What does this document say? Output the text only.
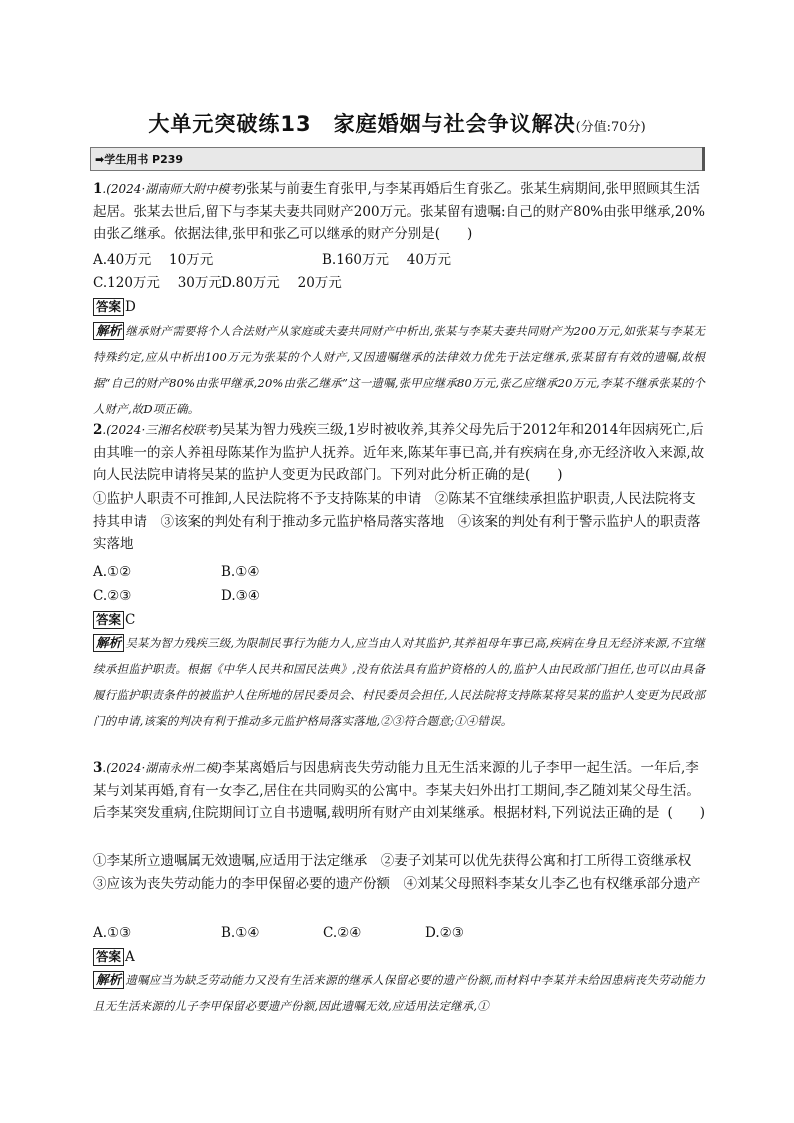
大单元突破练13　家庭婚姻与社会争议解决(分值:70分)
➡学生用书 P239
1.(2024·湖南师大附中模考)张某与前妻生育张甲,与李某再婚后生育张乙。张某生病期间,张甲照顾其生活起居。张某去世后,留下与李某夫妻共同财产200万元。张某留有遗嘱:自己的财产80%由张甲继承,20%由张乙继承。依据法律,张甲和张乙可以继承的财产分别是(　　)
A.40万元　 10万元	B.160万元　 40万元
C.120万元　 30万元 D.80万元　 20万元
答案 D
解析 继承财产需要将个人合法财产从家庭或夫妻共同财产中析出,张某与李某夫妻共同财产为200万元,如张某与李某无特殊约定,应从中析出100万元为张某的个人财产,又因遗嘱继承的法律效力优先于法定继承,张某留有有效的遗嘱,故根据“自己的财产80%由张甲继承,20%由张乙继承”这一遗嘱,张甲应继承80万元,张乙应继承20万元,李某不继承张某的个人财产,故D项正确。
2.(2024·三湘名校联考)吴某为智力残疾三级,1岁时被收养,其养父母先后于2012年和2014年因病死亡,后由其唯一的亲人养祖母陈某作为监护人抚养。近年来,陈某年事已高,并有疾病在身,亦无经济收入来源,故向人民法院申请将吴某的监护人变更为民政部门。下列对此分析正确的是(　　)
①监护人职责不可推卸,人民法院将不予支持陈某的申请　②陈某不宜继续承担监护职责,人民法院将支持其申请　③该案的判处有利于推动多元监护格局落实落地　④该案的判处有利于警示监护人的职责落实落地
A.①②	B.①④
C.②③	D.③④
答案 C
解析 吴某为智力残疾三级,为限制民事行为能力人,应当由人对其监护,其养祖母年事已高,疾病在身且无经济来源,不宜继续承担监护职责。根据《中华人民共和国民法典》,没有依法具有监护资格的人的,监护人由民政部门担任,也可以由具备履行监护职责条件的被监护人住所地的居民委员会、村民委员会担任,人民法院将支持陈某将吴某的监护人变更为民政部门的申请,该案的判决有利于推动多元监护格局落实落地,②③符合题意;①④错误。
3.(2024·湖南永州二模)李某离婚后与因患病丧失劳动能力且无生活来源的儿子李甲一起生活。一年后,李某与刘某再婚,育有一女李乙,居住在共同购买的公寓中。李某夫妇外出打工期间,李乙随刘某父母生活。后李某突发重病,住院期间订立自书遗嘱,载明所有财产由刘某继承。根据材料,下列说法正确的是 (　　)
①李某所立遗嘱属无效遗嘱,应适用于法定继承　②妻子刘某可以优先获得公寓和打工所得工资继承权　③应该为丧失劳动能力的李甲保留必要的遗产份额　④刘某父母照料李某女儿李乙也有权继承部分遗产
A.①③	B.①④	C.②④	D.②③
答案 A
解析 遗嘱应当为缺乏劳动能力又没有生活来源的继承人保留必要的遗产份额,而材料中李某并未给因患病丧失劳动能力且无生活来源的儿子李甲保留必要遗产份额,因此遗嘱无效,应适用法定继承,①
